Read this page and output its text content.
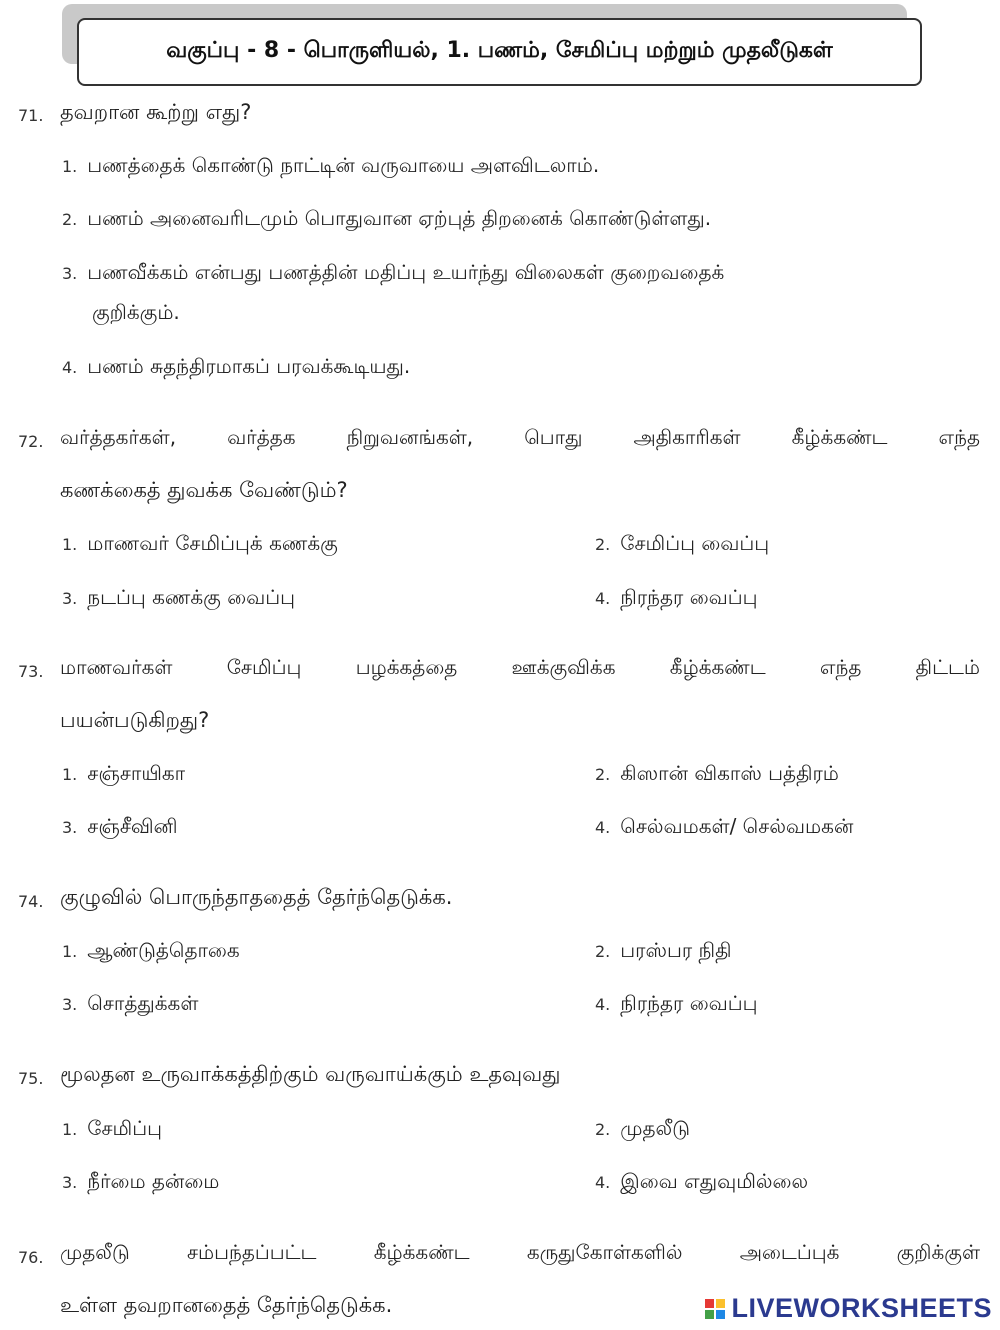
வகுப்பு - 8 - பொருளியல், 1. பணம், சேமிப்பு மற்றும் முதலீடுகள்
71. தவறான கூற்று எது?
1. பணத்தைக் கொண்டு நாட்டின் வருவாயை அளவிடலாம்.
2. பணம் அனைவரிடமும் பொதுவான ஏற்புத் திறனைக் கொண்டுள்ளது.
3. பணவீக்கம் என்பது பணத்தின் மதிப்பு உயர்ந்து விலைகள் குறைவதைக்
குறிக்கும்.
4. பணம் சுதந்திரமாகப் பரவக்கூடியது.
72. வர்த்தகர்கள், வர்த்தக நிறுவனங்கள், பொது அதிகாரிகள் கீழ்க்கண்ட எந்த
கணக்கைத் துவக்க வேண்டும்?
1. மாணவர் சேமிப்புக் கணக்கு	2. சேமிப்பு வைப்பு
3. நடப்பு கணக்கு வைப்பு	4. நிரந்தர வைப்பு
73. மாணவர்கள் சேமிப்பு பழக்கத்தை ஊக்குவிக்க கீழ்க்கண்ட எந்த திட்டம்
பயன்படுகிறது?
1. சஞ்சாயிகா	2. கிஸான் விகாஸ் பத்திரம்
3. சஞ்சீவினி	4. செல்வமகள்/ செல்வமகன்
74. குழுவில் பொருந்தாததைத் தேர்ந்தெடுக்க.
1. ஆண்டுத்தொகை	2. பரஸ்பர நிதி
3. சொத்துக்கள்	4. நிரந்தர வைப்பு
75. மூலதன உருவாக்கத்திற்கும் வருவாய்க்கும் உதவுவது
1. சேமிப்பு	2. முதலீடு
3. நீர்மை தன்மை	4. இவை எதுவுமில்லை
76. முதலீடு சம்பந்தப்பட்ட கீழ்க்கண்ட கருதுகோள்களில் அடைப்புக் குறிக்குள்
உள்ள தவறானதைத் தேர்ந்தெடுக்க.	LIVEWORKSHEETS
